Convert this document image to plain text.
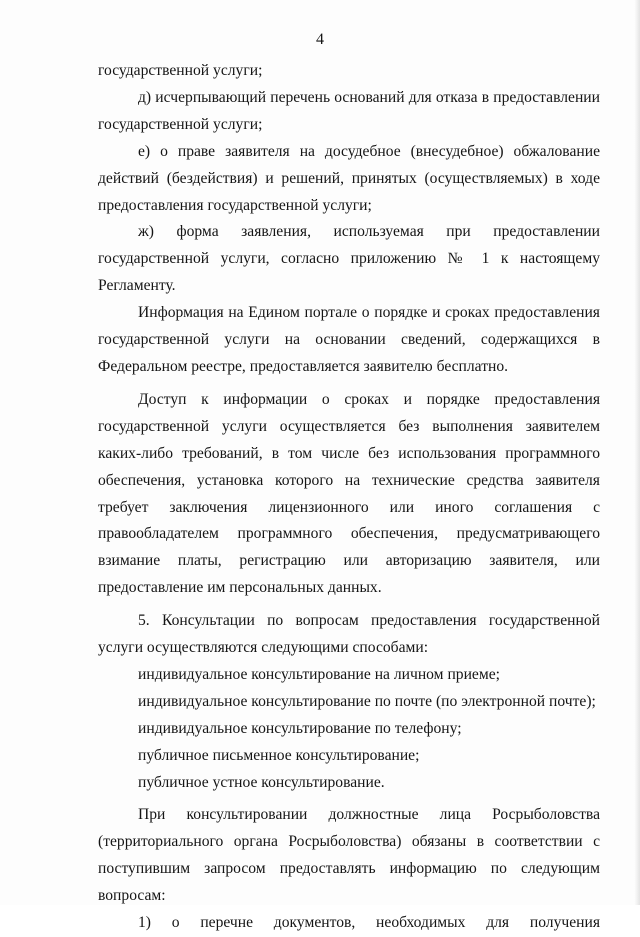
4

государственной услуги;

д) исчерпывающий перечень оснований для отказа в предоставлении государственной услуги;

е) о праве заявителя на досудебное (внесудебное) обжалование действий (бездействия) и решений, принятых (осуществляемых) в ходе предоставления государственной услуги;

ж) форма заявления, используемая при предоставлении государственной услуги, согласно приложению № 1 к настоящему Регламенту.

Информация на Едином портале о порядке и сроках предоставления государственной услуги на основании сведений, содержащихся в Федеральном реестре, предоставляется заявителю бесплатно.

Доступ к информации о сроках и порядке предоставления государственной услуги осуществляется без выполнения заявителем каких-либо требований, в том числе без использования программного обеспечения, установка которого на технические средства заявителя требует заключения лицензионного или иного соглашения с правообладателем программного обеспечения, предусматривающего взимание платы, регистрацию или авторизацию заявителя, или предоставление им персональных данных.

5. Консультации по вопросам предоставления государственной услуги осуществляются следующими способами:

индивидуальное консультирование на личном приеме;

индивидуальное консультирование по почте (по электронной почте);

индивидуальное консультирование по телефону;

публичное письменное консультирование;

публичное устное консультирование.

При консультировании должностные лица Росрыболовства (территориального органа Росрыболовства) обязаны в соответствии с поступившим запросом предоставлять информацию по следующим вопросам:

1) о перечне документов, необходимых для получения
